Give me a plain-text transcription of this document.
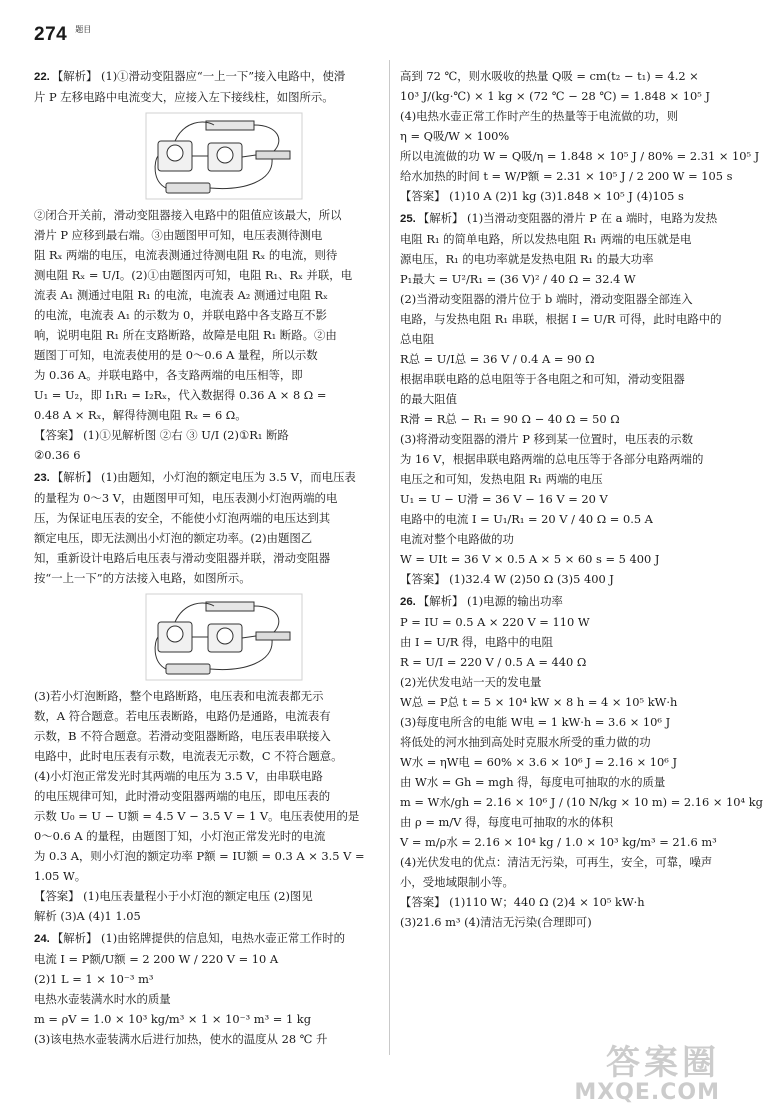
274 $^{题目}$
22. 【解析】 (1)①滑动变阻器应“一上一下”接入电路中，使滑
片 P 左移电路中电流变大，应接入左下接线柱，如图所示。
②闭合开关前，滑动变阻器接入电路中的阻值应该最大，所以
滑片 P 应移到最右端。③由题图甲可知，电压表测待测电
阻 Rₓ 两端的电压，电流表测通过待测电阻 Rₓ 的电流，则待
测电阻 Rₓ = U/I。(2)①由题图丙可知，电阻 R₁、Rₓ 并联，电
流表 A₁ 测通过电阻 R₁ 的电流，电流表 A₂ 测通过电阻 Rₓ
的电流，电流表 A₁ 的示数为 0，并联电路中各支路互不影
响，说明电阻 R₁ 所在支路断路，故障是电阻 R₁ 断路。②由
题图丁可知，电流表使用的是 0～0.6 A 量程，所以示数
为 0.36 A。并联电路中，各支路两端的电压相等，即
U₁ = U₂，即 I₁R₁ = I₂Rₓ，代入数据得 0.36 A × 8 Ω =
0.48 A × Rₓ，解得待测电阻 Rₓ = 6 Ω。
【答案】 (1)①见解析图 ②右 ③ U/I (2)①R₁ 断路
②0.36 6
23. 【解析】 (1)由题知，小灯泡的额定电压为 3.5 V，而电压表
的量程为 0～3 V，由题图甲可知，电压表测小灯泡两端的电
压，为保证电压表的安全，不能使小灯泡两端的电压达到其
额定电压，即无法测出小灯泡的额定功率。(2)由题图乙
知，重新设计电路后电压表与滑动变阻器并联，滑动变阻器
按“一上一下”的方法接入电路，如图所示。
(3)若小灯泡断路，整个电路断路，电压表和电流表都无示
数，A 符合题意。若电压表断路，电路仍是通路，电流表有
示数，B 不符合题意。若滑动变阻器断路，电压表串联接入
电路中，此时电压表有示数，电流表无示数，C 不符合题意。
(4)小灯泡正常发光时其两端的电压为 3.5 V，由串联电路
的电压规律可知，此时滑动变阻器两端的电压，即电压表的
示数 U₀ = U − U额 = 4.5 V − 3.5 V = 1 V。电压表使用的是
0～0.6 A 的量程，由题图丁知，小灯泡正常发光时的电流
为 0.3 A，则小灯泡的额定功率 P额 = IU额 = 0.3 A × 3.5 V =
1.05 W。
【答案】 (1)电压表量程小于小灯泡的额定电压 (2)图见
解析 (3)A (4)1 1.05
24. 【解析】 (1)由铭牌提供的信息知，电热水壶正常工作时的
电流 I = P额/U额 = 2 200 W / 220 V = 10 A
(2)1 L = 1 × 10⁻³ m³
电热水壶装满水时水的质量
m = ρV = 1.0 × 10³ kg/m³ × 1 × 10⁻³ m³ = 1 kg
(3)该电热水壶装满水后进行加热，使水的温度从 28 ℃ 升
高到 72 ℃，则水吸收的热量 Q吸 = cm(t₂ − t₁) = 4.2 ×
10³ J/(kg·℃) × 1 kg × (72 ℃ − 28 ℃) = 1.848 × 10⁵ J
(4)电热水壶正常工作时产生的热量等于电流做的功，则
η = Q吸/W × 100%
所以电流做的功 W = Q吸/η = 1.848 × 10⁵ J / 80% = 2.31 × 10⁵ J
给水加热的时间 t = W/P额 = 2.31 × 10⁵ J / 2 200 W = 105 s
【答案】 (1)10 A (2)1 kg (3)1.848 × 10⁵ J (4)105 s
25. 【解析】 (1)当滑动变阻器的滑片 P 在 a 端时，电路为发热
电阻 R₁ 的简单电路，所以发热电阻 R₁ 两端的电压就是电
源电压，R₁ 的电功率就是发热电阻 R₁ 的最大功率
P₁最大 = U²/R₁ = (36 V)² / 40 Ω = 32.4 W
(2)当滑动变阻器的滑片位于 b 端时，滑动变阻器全部连入
电路，与发热电阻 R₁ 串联，根据 I = U/R 可得，此时电路中的
总电阻
R总 = U/I总 = 36 V / 0.4 A = 90 Ω
根据串联电路的总电阻等于各电阻之和可知，滑动变阻器
的最大阻值
R滑 = R总 − R₁ = 90 Ω − 40 Ω = 50 Ω
(3)将滑动变阻器的滑片 P 移到某一位置时，电压表的示数
为 16 V，根据串联电路两端的总电压等于各部分电路两端的
电压之和可知，发热电阻 R₁ 两端的电压
U₁ = U − U滑 = 36 V − 16 V = 20 V
电路中的电流 I = U₁/R₁ = 20 V / 40 Ω = 0.5 A
电流对整个电路做的功
W = UIt = 36 V × 0.5 A × 5 × 60 s = 5 400 J
【答案】 (1)32.4 W (2)50 Ω (3)5 400 J
26. 【解析】 (1)电源的输出功率
P = IU = 0.5 A × 220 V = 110 W
由 I = U/R 得，电路中的电阻
R = U/I = 220 V / 0.5 A = 440 Ω
(2)光伏发电站一天的发电量
W总 = P总 t = 5 × 10⁴ kW × 8 h = 4 × 10⁵ kW·h
(3)每度电所含的电能 W电 = 1 kW·h = 3.6 × 10⁶ J
将低处的河水抽到高处时克服水所受的重力做的功
W水 = ηW电 = 60% × 3.6 × 10⁶ J = 2.16 × 10⁶ J
由 W水 = Gh = mgh 得，每度电可抽取的水的质量
m = W水/gh = 2.16 × 10⁶ J / (10 N/kg × 10 m) = 2.16 × 10⁴ kg
由 ρ = m/V 得，每度电可抽取的水的体积
V = m/ρ水 = 2.16 × 10⁴ kg / 1.0 × 10³ kg/m³ = 21.6 m³
(4)光伏发电的优点：清洁无污染，可再生，安全，可靠，噪声
小，受地域限制小等。
【答案】 (1)110 W；440 Ω (2)4 × 10⁵ kW·h
(3)21.6 m³ (4)清洁无污染(合理即可)
答案圈
MXQE.COM
